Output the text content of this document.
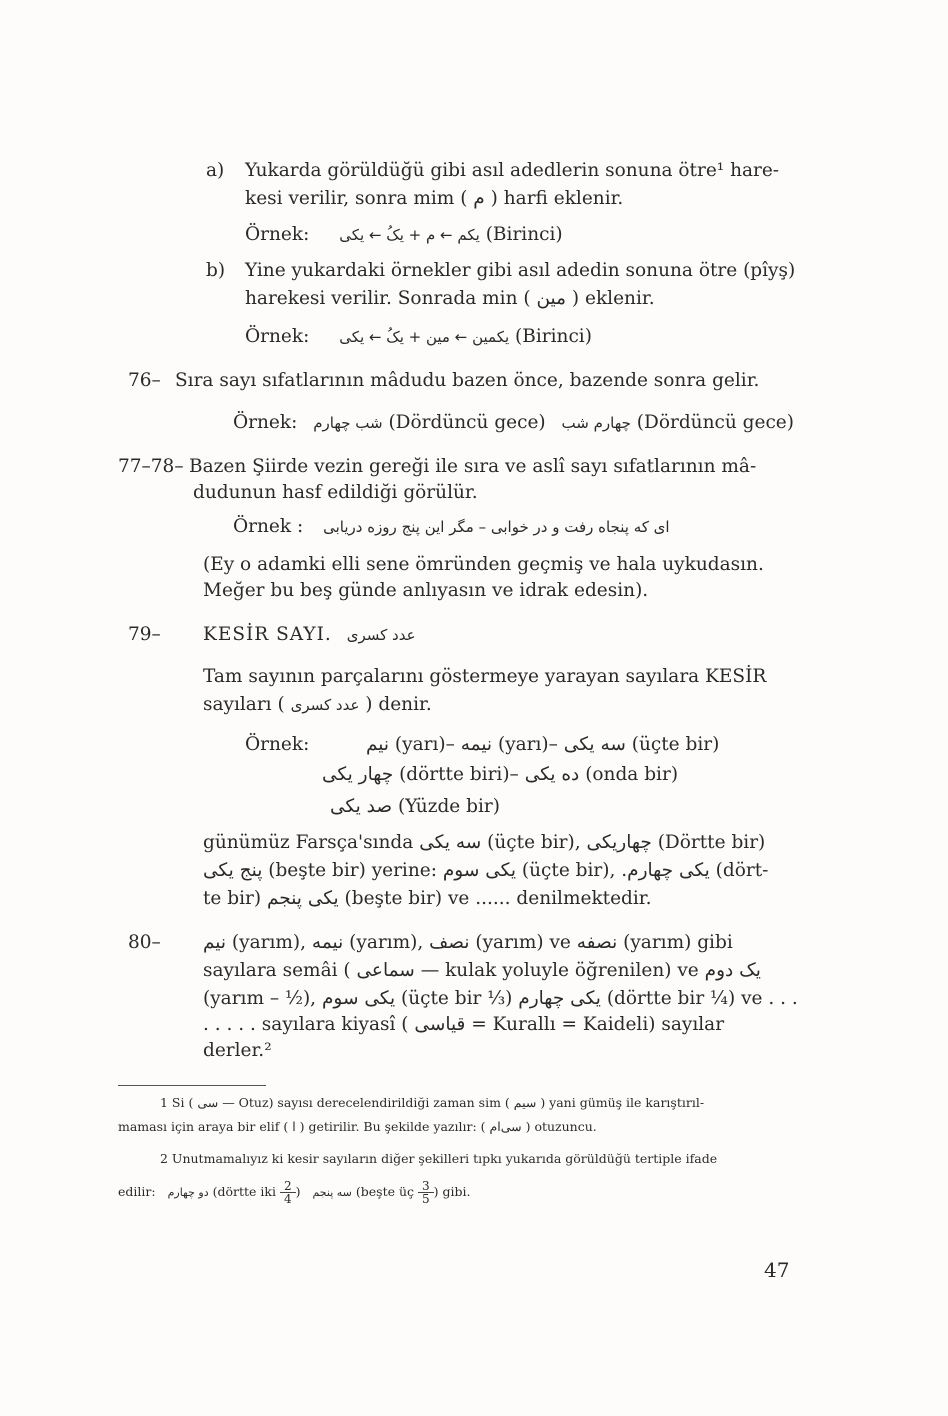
a) Yukarda görüldüğü gibi asıl adedlerin sonuna ötre¹ hare-
kesi verilir, sonra mim ( م ) harfi eklenir.
Örnek: یکم ← م + یکُ ← یکی (Birinci)
b) Yine yukardaki örnekler gibi asıl adedin sonuna ötre (pîyş)
harekesi verilir. Sonrada min ( مین ) eklenir.
Örnek: یکمین ← مین + یکُ ← یکی (Birinci)
76– Sıra sayı sıfatlarının mâdudu bazen önce, bazende sonra gelir.
Örnek: شب چهارم (Dördüncü gece) چهارم شب (Dördüncü gece)
77–78– Bazen Şiirde vezin gereği ile sıra ve aslî sayı sıfatlarının mâ-
dudunun hasf edildiği görülür.
Örnek : ای که پنجاه رفت و در خوابی – مگر این پنج روزه دریابی
(Ey o adamki elli sene ömründen geçmiş ve hala uykudasın.
Meğer bu beş günde anlıyasın ve idrak edesin).
79– KESİR SAYI. عدد کسری
Tam sayının parçalarını göstermeye yarayan sayılara KESİR
sayıları ( عدد کسری ) denir.
Örnek:	نیم (yarı)– نیمه (yarı)– سه یکی (üçte bir)
چهار یکی (dörtte biri)– ده یکی (onda bir)
صد یکی (Yüzde bir)
günümüz Farsça'sında سه یکی (üçte bir), چهاریکی (Dörtte bir)
پنج یکی (beşte bir) yerine: یکی سوم (üçte bir), .یکی چهارم (dört-
te bir) یکی پنجم (beşte bir) ve ...... denilmektedir.
80– نیم (yarım), نیمه (yarım), نصف (yarım) ve نصفه (yarım) gibi
sayılara semâi ( سماعی — kulak yoluyle öğrenilen) ve یک دوم
(yarım – ½), یکی سوم (üçte bir ⅓) یکی چهارم (dörtte bir ¼) ve . . .
. . . . . sayılara kiyasî ( قیاسی = Kurallı = Kaideli) sayılar
derler.²
1 Si ( سی — Otuz) sayısı derecelendirildiği zaman sim ( سیم ) yani gümüş ile karıştırıl-
maması için araya bir elif ( ا ) getirilir. Bu şekilde yazılır: ( سی‌ام ) otuzuncu.
2 Unutmamalıyız ki kesir sayıların diğer şekilleri tıpkı yukarıda görüldüğü tertiple ifade
edilir: دو چهارم (dörtte iki $\frac{2}{4}$ ) سه پنجم (beşte üç $\frac{3}{5}$ ) gibi.
47
